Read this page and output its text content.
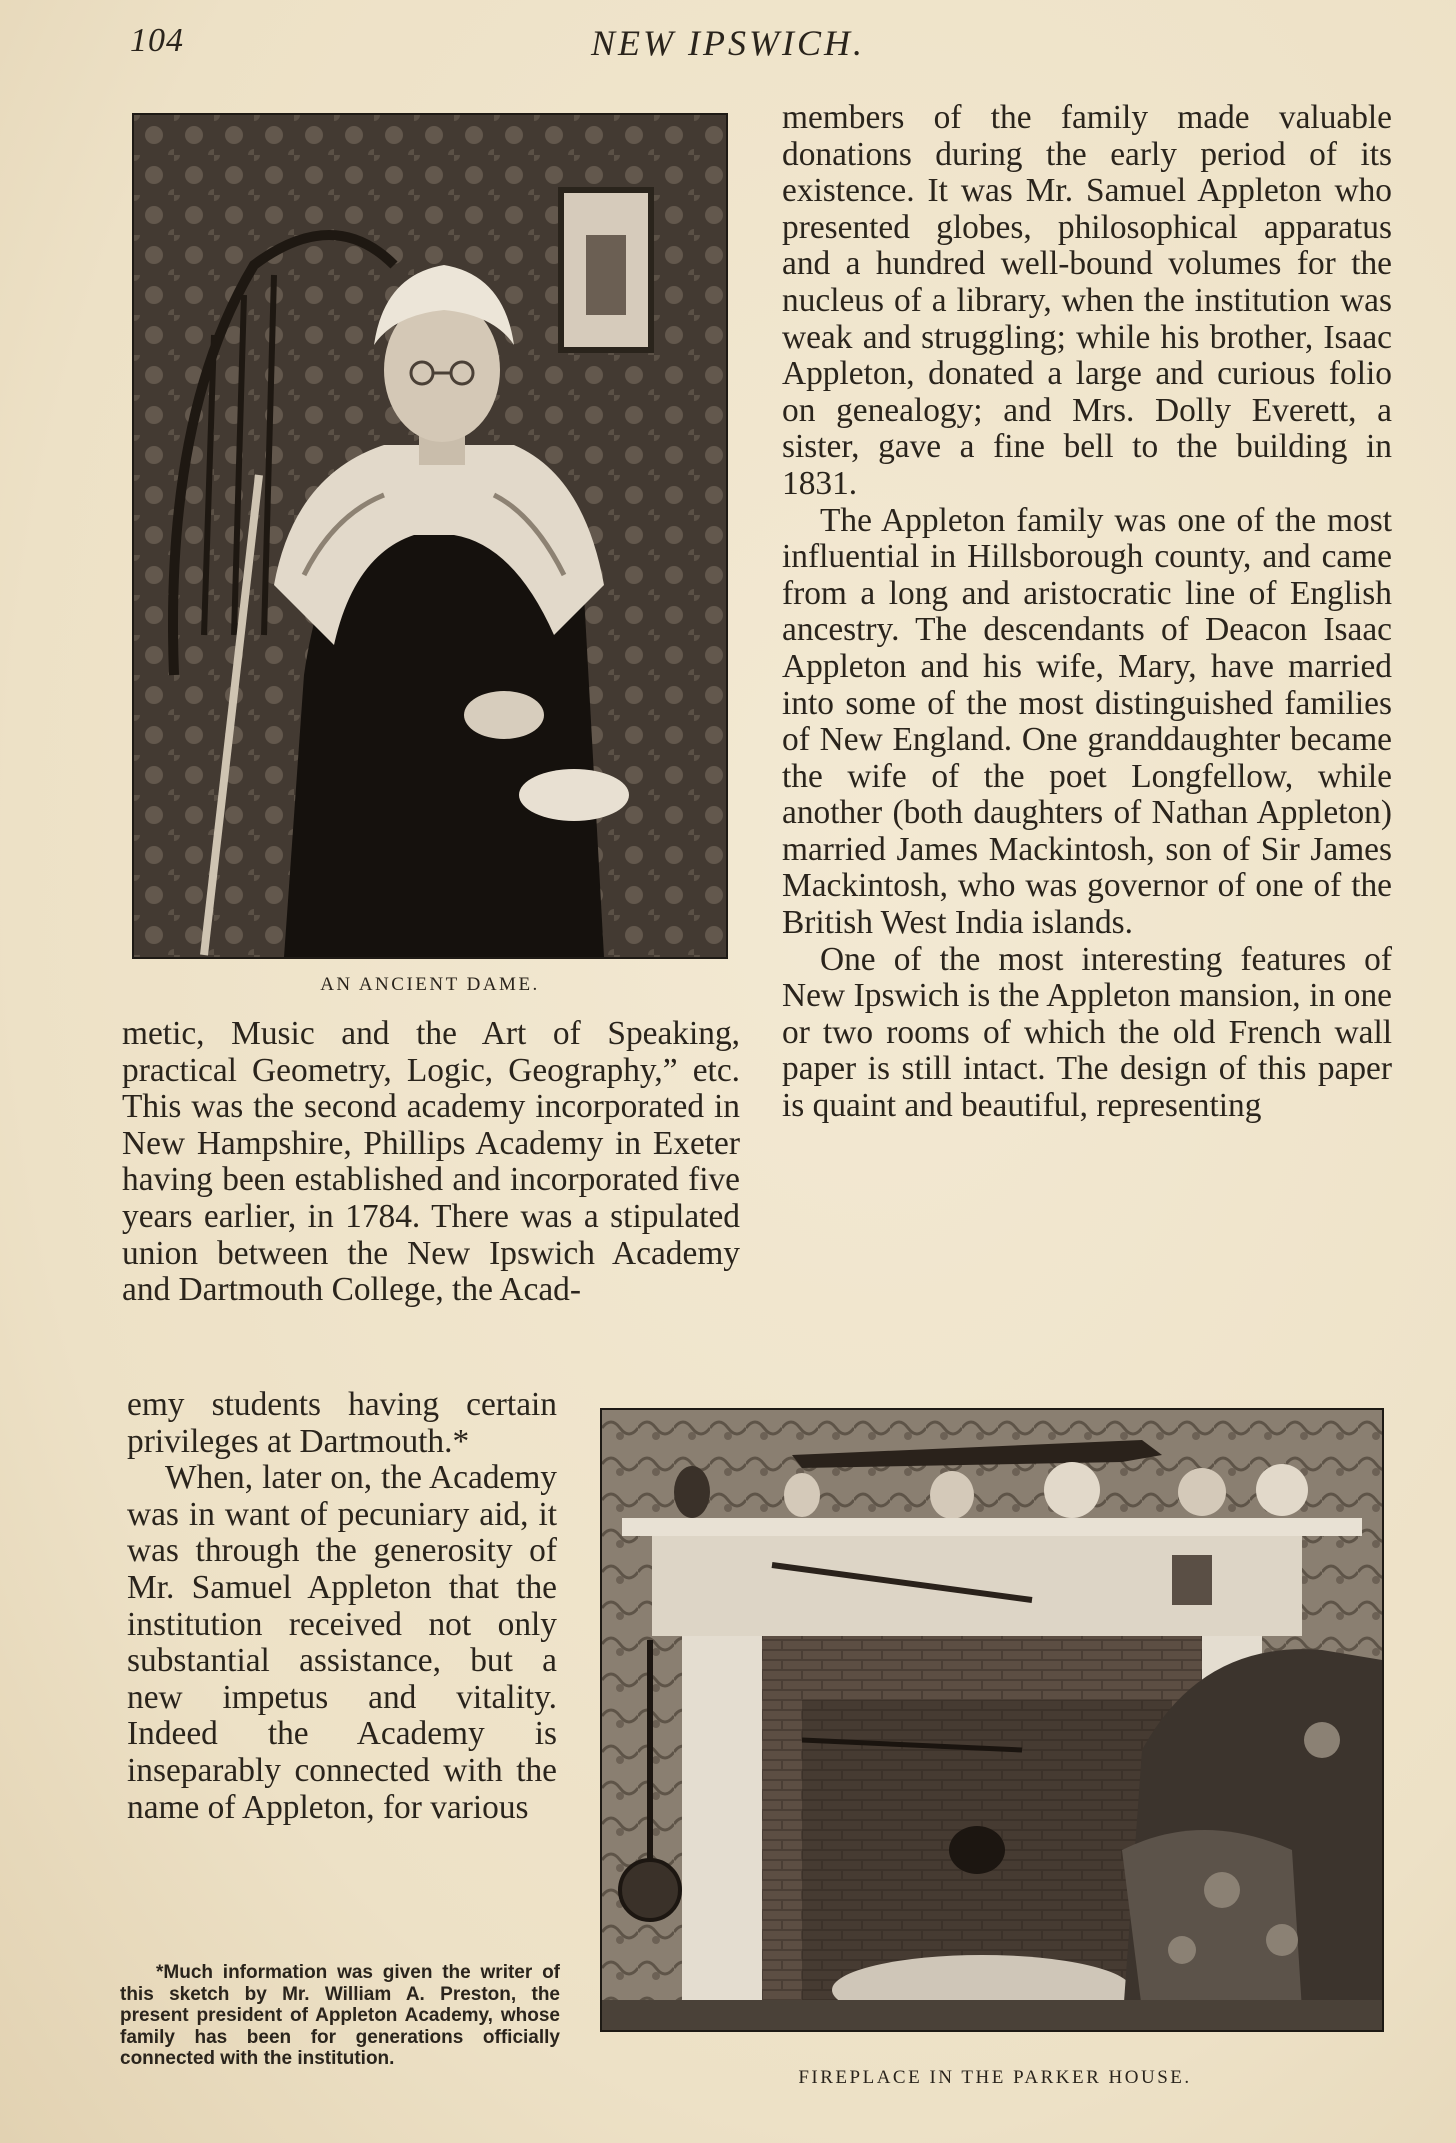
104	NEW IPSWICH.
AN ANCIENT DAME.

members of the family made valuable donations during the early period of its existence. It was Mr. Samuel Appleton who presented globes, philosophical apparatus and a hundred well-bound volumes for the nucleus of a library, when the institution was weak and struggling; while his brother, Isaac Appleton, donated a large and curious folio on genealogy; and Mrs. Dolly Everett, a sister, gave a fine bell to the building in 1831.

The Appleton family was one of the most influential in Hillsborough county, and came from a long and aristocratic line of English ancestry. The descendants of Deacon Isaac Appleton and his wife, Mary, have married into some of the most distinguished families of New England. One granddaughter became the wife of the poet Longfellow, while another (both daughters of Nathan Appleton) married James Mackintosh, son of Sir James Mackintosh, who was governor of one of the British West India islands.

One of the most interesting features of New Ipswich is the Appleton mansion, in one or two rooms of which the old French wall paper is still intact. The design of this paper is quaint and beautiful, representing

metic, Music and the Art of Speaking, practical Geometry, Logic, Geography,” etc. This was the second academy incorporated in New Hampshire, Phillips Academy in Exeter having been established and incorporated five years earlier, in 1784. There was a stipulated union between the New Ipswich Academy and Dartmouth College, the Acad-

emy students having certain privileges at Dartmouth.*

When, later on, the Academy was in want of pecuniary aid, it was through the generosity of Mr. Samuel Appleton that the institution received not only substantial assistance, but a new impetus and vitality. Indeed the Academy is inseparably connected with the name of Appleton, for various

FIREPLACE IN THE PARKER HOUSE.

*Much information was given the writer of this sketch by Mr. William A. Preston, the present president of Appleton Academy, whose family has been for generations officially connected with the institution.
